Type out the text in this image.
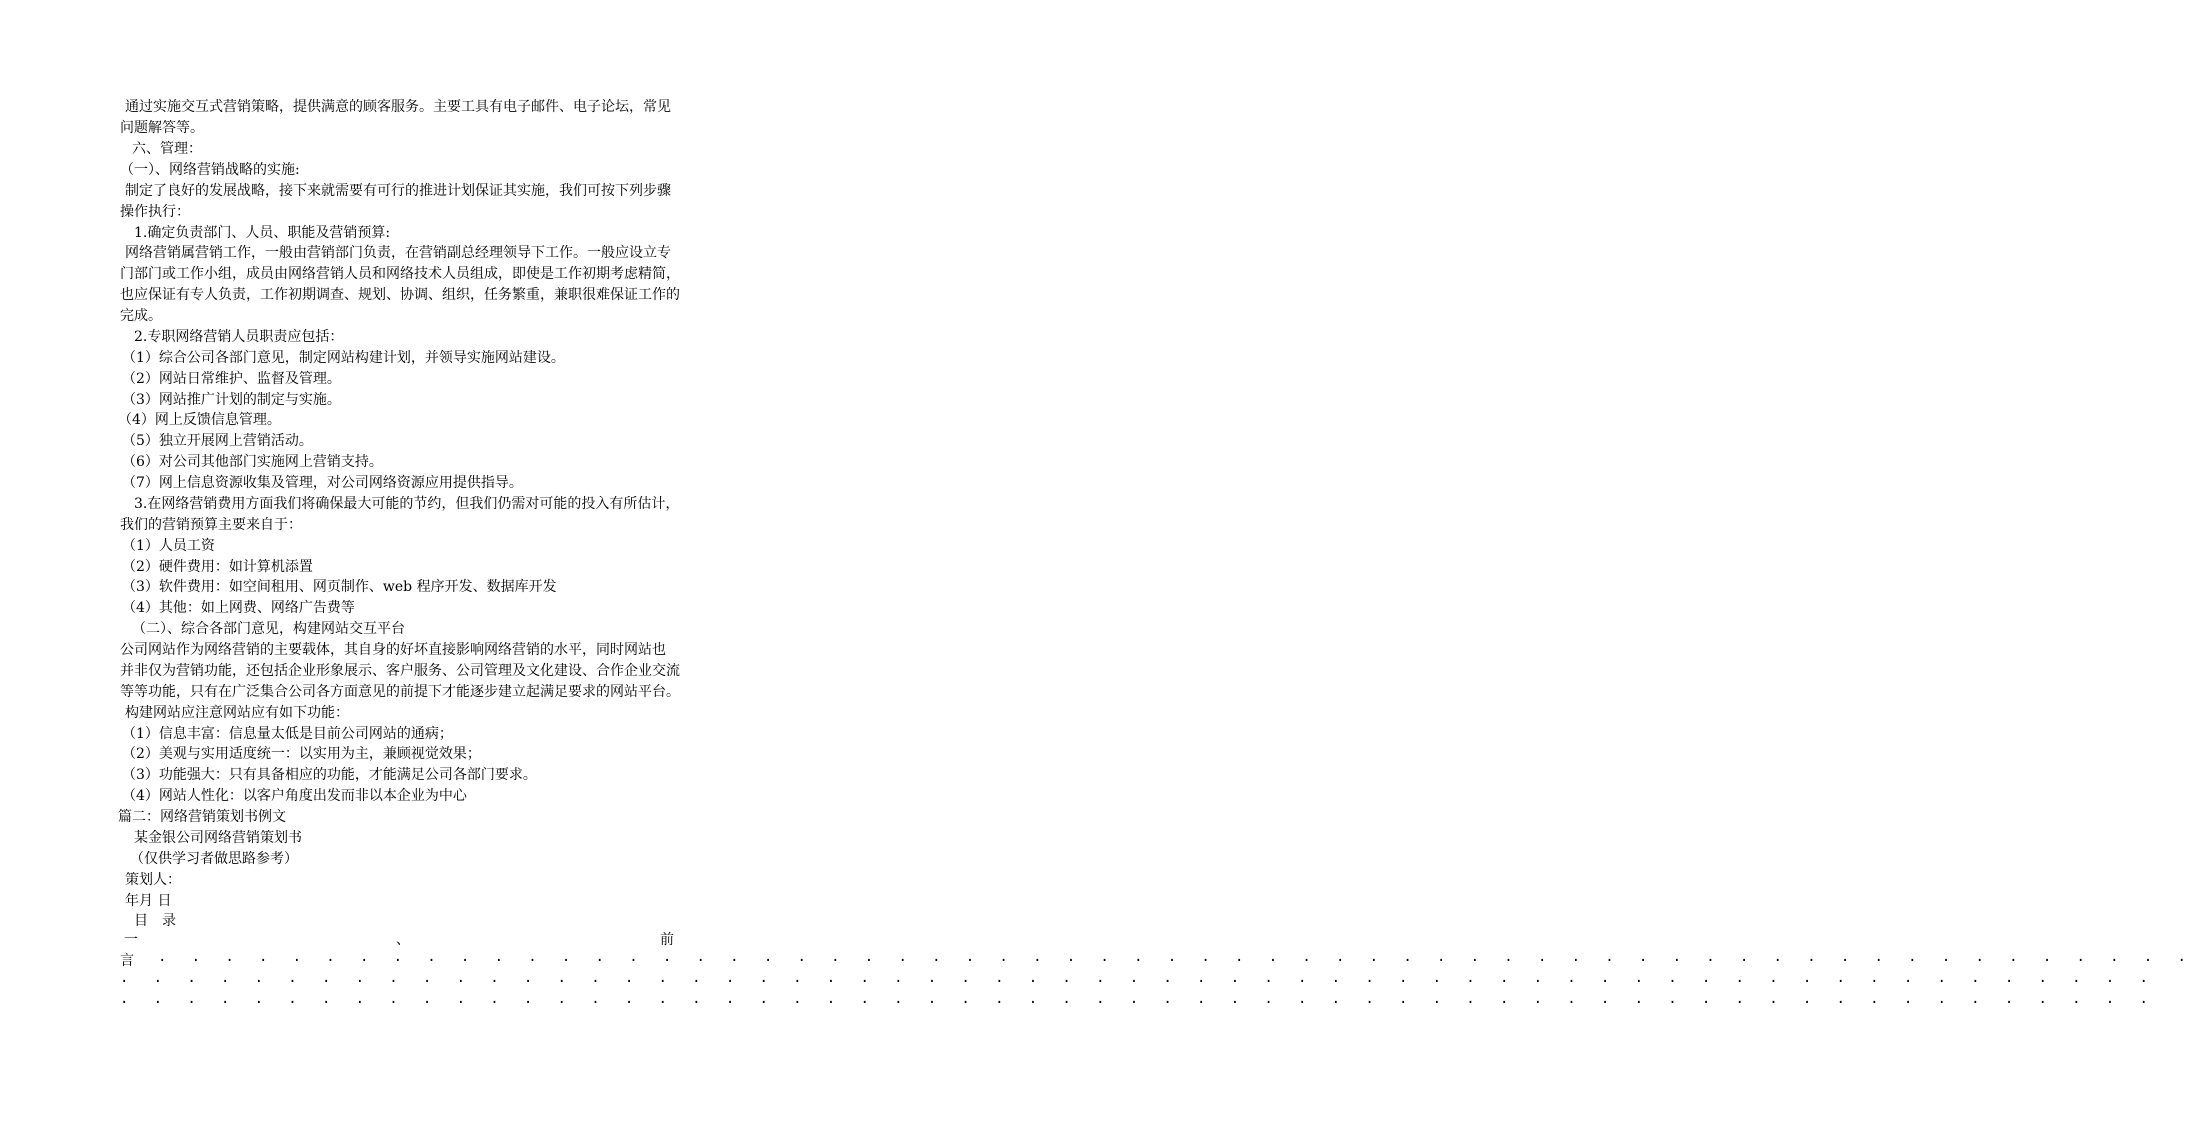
通过实施交互式营销策略，提供满意的顾客服务。主要工具有电子邮件、电子论坛，常见
问题解答等。
六、管理：
（一）、网络营销战略的实施:
制定了良好的发展战略，接下来就需要有可行的推进计划保证其实施，我们可按下列步骤
操作执行：
1.确定负责部门、人员、职能及营销预算:
网络营销属营销工作，一般由营销部门负责，在营销副总经理领导下工作。一般应设立专
门部门或工作小组，成员由网络营销人员和网络技术人员组成，即使是工作初期考虑精简，
也应保证有专人负责，工作初期调查、规划、协调、组织，任务繁重，兼职很难保证工作的
完成。
2.专职网络营销人员职责应包括：
（1）综合公司各部门意见，制定网站构建计划，并领导实施网站建设。
（2）网站日常维护、监督及管理。
（3）网站推广计划的制定与实施。
（4）网上反馈信息管理。
（5）独立开展网上营销活动。
（6）对公司其他部门实施网上营销支持。
（7）网上信息资源收集及管理，对公司网络资源应用提供指导。
3.在网络营销费用方面我们将确保最大可能的节约，但我们仍需对可能的投入有所估计，
我们的营销预算主要来自于：
（1）人员工资
（2）硬件费用：如计算机添置
（3）软件费用：如空间租用、网页制作、web 程序开发、数据库开发
（4）其他：如上网费、网络广告费等
（二）、综合各部门意见，构建网站交互平台
公司网站作为网络营销的主要载体，其自身的好坏直接影响网络营销的水平，同时网站也
并非仅为营销功能，还包括企业形象展示、客户服务、公司管理及文化建设、合作企业交流
等等功能，只有在广泛集合公司各方面意见的前提下才能逐步建立起满足要求的网站平台。
构建网站应注意网站应有如下功能：
（1）信息丰富：信息量太低是目前公司网站的通病；
（2）美观与实用适度统一：以实用为主，兼顾视觉效果；
（3）功能强大：只有具备相应的功能，才能满足公司各部门要求。
（4）网站人性化：以客户角度出发而非以本企业为中心
篇二：网络营销策划书例文
某金银公司网络营销策划书
（仅供学习者做思路参考）
策划人：
年月 日
目　录
一	、	前
言 · · · · · · · · · · · · · · · · · · · · · · · · · · · · · · · · · · · · · · · · · · · · · · · · · · · · · · · · · · · · ·
· · · · · · · · · · · · · · · · · · · · · · · · · · · · · · · · · · · · · · · · · · · · · · · · · · · · · · · · · · · · ·
· · · · · · · · · · · · · · · · · · · · · · · · · · · · · · · · · · · · · · · · · · · · · · · · · · · · · · · · · · · · ·
